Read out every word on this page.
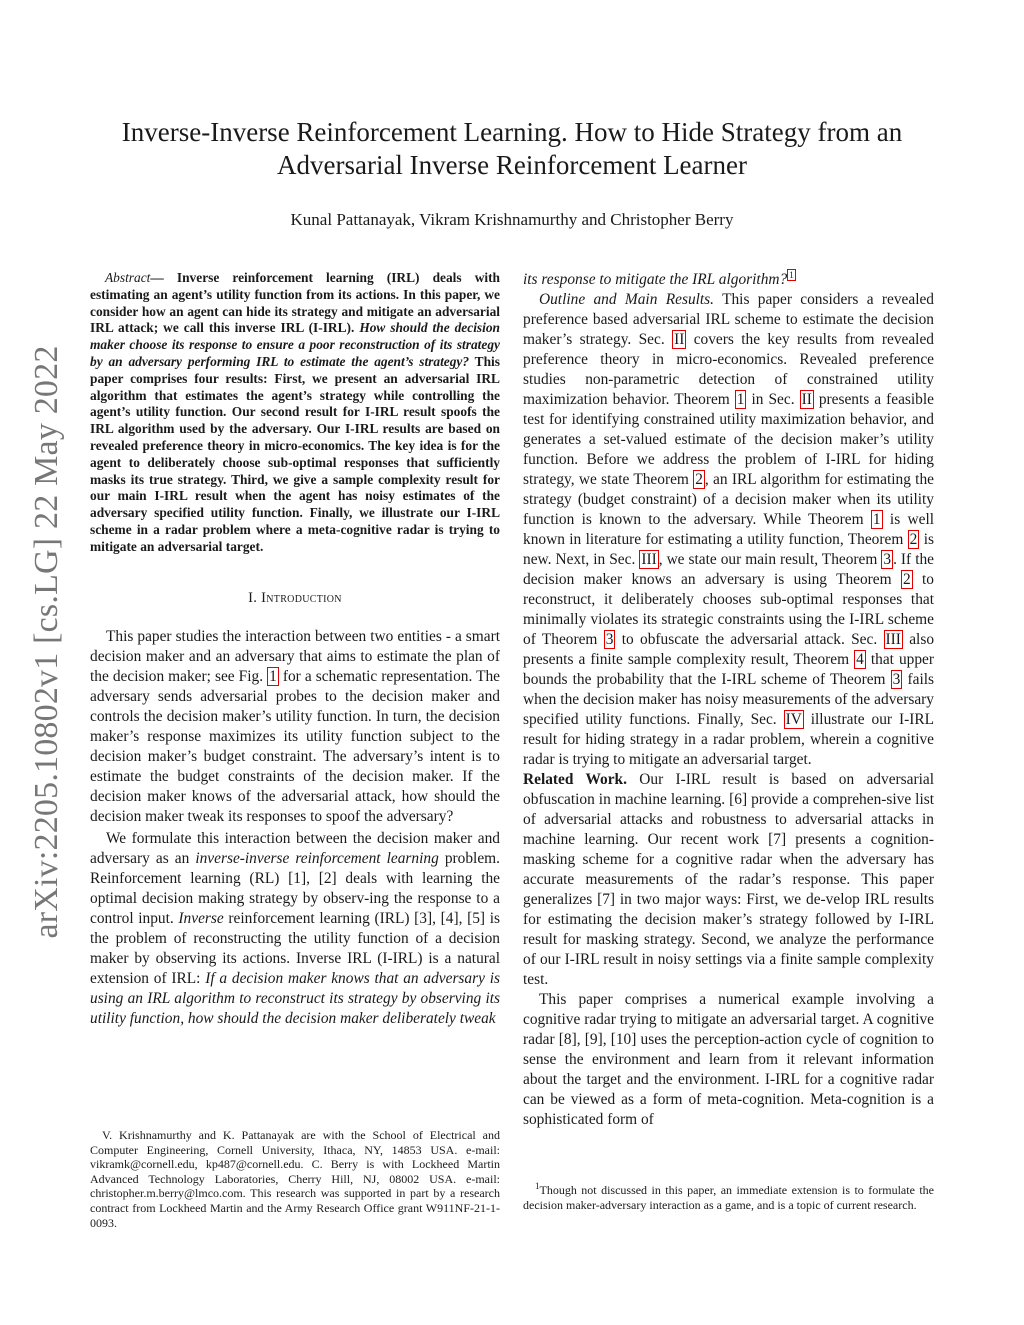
arXiv:2205.10802v1 [cs.LG] 22 May 2022
Inverse-Inverse Reinforcement Learning. How to Hide Strategy from an
Adversarial Inverse Reinforcement Learner
Kunal Pattanayak, Vikram Krishnamurthy and Christopher Berry

Abstract— Inverse reinforcement learning (IRL) deals with estimating an agent’s utility function from its actions. In this paper, we consider how an agent can hide its strategy and mitigate an adversarial IRL attack; we call this inverse IRL (I-IRL). How should the decision maker choose its response to ensure a poor reconstruction of its strategy by an adversary performing IRL to estimate the agent’s strategy? This paper comprises four results: First, we present an adversarial IRL algorithm that estimates the agent’s strategy while controlling the agent’s utility function. Our second result for I-IRL result spoofs the IRL algorithm used by the adversary. Our I-IRL results are based on revealed preference theory in micro-economics. The key idea is for the agent to deliberately choose sub-optimal responses that sufficiently masks its true strategy. Third, we give a sample complexity result for our main I-IRL result when the agent has noisy estimates of the adversary specified utility function. Finally, we illustrate our I-IRL scheme in a radar problem where a meta-cognitive radar is trying to mitigate an adversarial target.

I. Introduction

This paper studies the interaction between two entities - a smart decision maker and an adversary that aims to estimate the plan of the decision maker; see Fig. 1 for a schematic representation. The adversary sends adversarial probes to the decision maker and controls the decision maker’s utility function. In turn, the decision maker’s response maximizes its utility function subject to the decision maker’s budget constraint. The adversary’s intent is to estimate the budget constraints of the decision maker. If the decision maker knows of the adversarial attack, how should the decision maker tweak its responses to spoof the adversary?

We formulate this interaction between the decision maker and adversary as an inverse-inverse reinforcement learning problem. Reinforcement learning (RL) [1], [2] deals with learning the optimal decision making strategy by observ-ing the response to a control input. Inverse reinforcement learning (IRL) [3], [4], [5] is the problem of reconstructing the utility function of a decision maker by observing its actions. Inverse IRL (I-IRL) is a natural extension of IRL: If a decision maker knows that an adversary is using an IRL algorithm to reconstruct its strategy by observing its utility function, how should the decision maker deliberately tweak

V. Krishnamurthy and K. Pattanayak are with the School of Electrical and Computer Engineering, Cornell University, Ithaca, NY, 14853 USA. e-mail: vikramk@cornell.edu, kp487@cornell.edu. C. Berry is with Lockheed Martin Advanced Technology Laboratories, Cherry Hill, NJ, 08002 USA. e-mail: christopher.m.berry@lmco.com. This research was supported in part by a research contract from Lockheed Martin and the Army Research Office grant W911NF-21-1-0093.

its response to mitigate the IRL algorithm? $^1$

Outline and Main Results. This paper considers a revealed preference based adversarial IRL scheme to estimate the decision maker’s strategy. Sec. II covers the key results from revealed preference theory in micro-economics. Revealed preference studies non-parametric detection of constrained utility maximization behavior. Theorem 1 in Sec. II presents a feasible test for identifying constrained utility maximization behavior, and generates a set-valued estimate of the decision maker’s utility function. Before we address the problem of I-IRL for hiding strategy, we state Theorem 2 , an IRL algorithm for estimating the strategy (budget constraint) of a decision maker when its utility function is known to the adversary. While Theorem 1 is well known in literature for estimating a utility function, Theorem 2 is new. Next, in Sec. III , we state our main result, Theorem 3 . If the decision maker knows an adversary is using Theorem 2 to reconstruct, it deliberately chooses sub-optimal responses that minimally violates its strategic constraints using the I-IRL scheme of Theorem 3 to obfuscate the adversarial attack. Sec. III also presents a finite sample complexity result, Theorem 4 that upper bounds the probability that the I-IRL scheme of Theorem 3 fails when the decision maker has noisy measurements of the adversary specified utility functions. Finally, Sec. IV illustrate our I-IRL result for hiding strategy in a radar problem, wherein a cognitive radar is trying to mitigate an adversarial target.

Related Work. Our I-IRL result is based on adversarial obfuscation in machine learning. [6] provide a comprehen-sive list of adversarial attacks and robustness to adversarial attacks in machine learning. Our recent work [7] presents a cognition-masking scheme for a cognitive radar when the adversary has accurate measurements of the radar’s response. This paper generalizes [7] in two major ways: First, we de-velop IRL results for estimating the decision maker’s strategy followed by I-IRL result for masking strategy. Second, we analyze the performance of our I-IRL result in noisy settings via a finite sample complexity test.

This paper comprises a numerical example involving a cognitive radar trying to mitigate an adversarial target. A cognitive radar [8], [9], [10] uses the perception-action cycle of cognition to sense the environment and learn from it relevant information about the target and the environment. I-IRL for a cognitive radar can be viewed as a form of meta-cognition. Meta-cognition is a sophisticated form of

$^1$Though not discussed in this paper, an immediate extension is to formulate the decision maker-adversary interaction as a game, and is a topic of current research.
